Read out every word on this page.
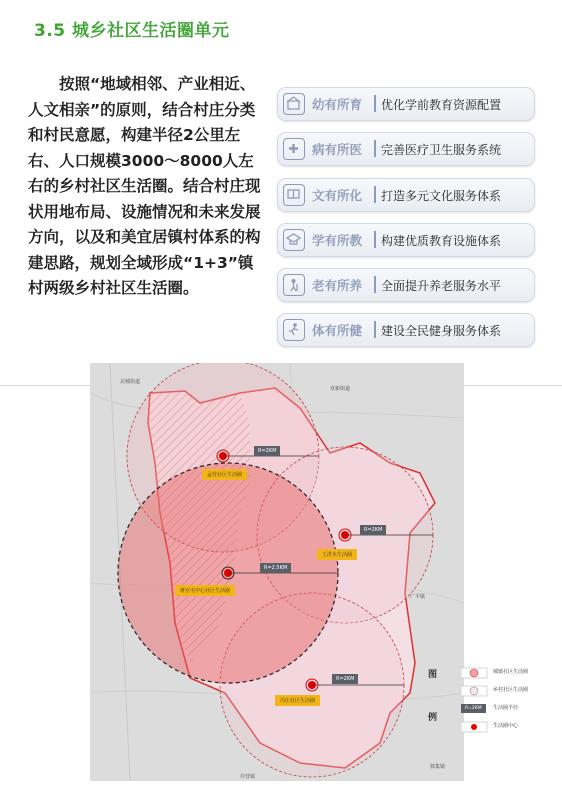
3.5 城乡社区生活圈单元

按照“地域相邻、产业相近、人文相亲”的原则，结合村庄分类和村民意愿，构建半径2公里左右、人口规模3000～8000人左右的乡村社区生活圈。结合村庄现状用地布局、设施情况和未来发展方向，以及和美宜居镇村体系的构建思路，规划全域形成“1+3”镇村两级乡村社区生活圈。

幼有所育 优化学前教育资源配置
病有所医 完善医疗卫生服务系统
文有所化 打造多元文化服务体系
学有所教 构建优质教育设施体系
老有所养 全面提升养老服务水平
体有所健 建设全民健身服务体系
北城街道
直新街道
广平镇
许营镇
韩集镇
R=2KM
孟营社区生活圈
R=2KM
王洪木生活圈
R=2.5KM
蒋官屯中心社区生活圈
R=2KM
冯庄社区生活圈
图
例
城镇社区生活圈
乡村社区生活圈
R=2KM	生活圈半径
生活圈中心
